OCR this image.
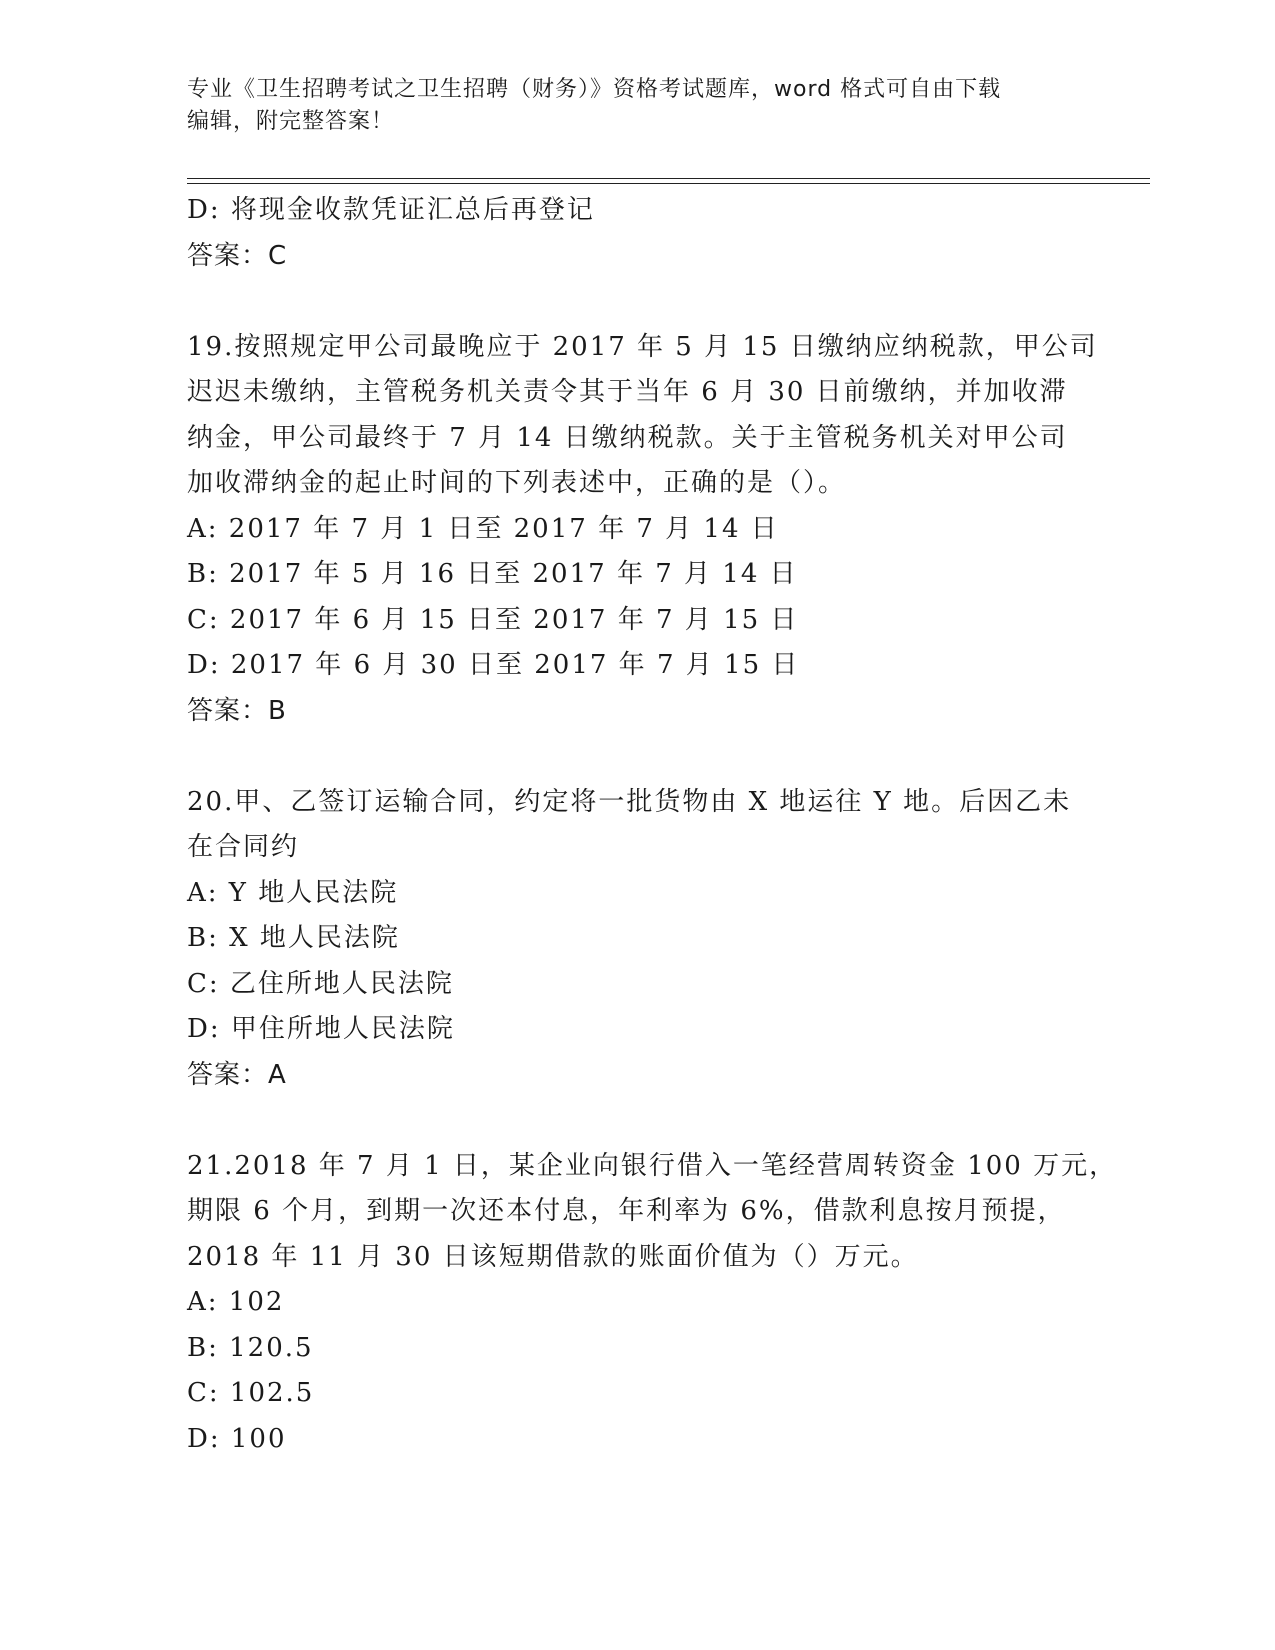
专业《卫生招聘考试之卫生招聘（财务）》资格考试题库，word 格式可自由下载
编辑，附完整答案！
D: 将现金收款凭证汇总后再登记
答案：C
19.按照规定甲公司最晚应于 2017 年 5 月 15 日缴纳应纳税款，甲公司
迟迟未缴纳，主管税务机关责令其于当年 6 月 30 日前缴纳，并加收滞
纳金，甲公司最终于 7 月 14 日缴纳税款。关于主管税务机关对甲公司
加收滞纳金的起止时间的下列表述中，正确的是（）。
A: 2017 年 7 月 1 日至 2017 年 7 月 14 日
B: 2017 年 5 月 16 日至 2017 年 7 月 14 日
C: 2017 年 6 月 15 日至 2017 年 7 月 15 日
D: 2017 年 6 月 30 日至 2017 年 7 月 15 日
答案：B
20.甲、乙签订运输合同，约定将一批货物由 X 地运往 Y 地。后因乙未
在合同约
A: Y 地人民法院
B: X 地人民法院
C: 乙住所地人民法院
D: 甲住所地人民法院
答案：A
21.2018 年 7 月 1 日，某企业向银行借入一笔经营周转资金 100 万元，
期限 6 个月，到期一次还本付息，年利率为 6%，借款利息按月预提，
2018 年 11 月 30 日该短期借款的账面价值为（）万元。
A: 102
B: 120.5
C: 102.5
D: 100
